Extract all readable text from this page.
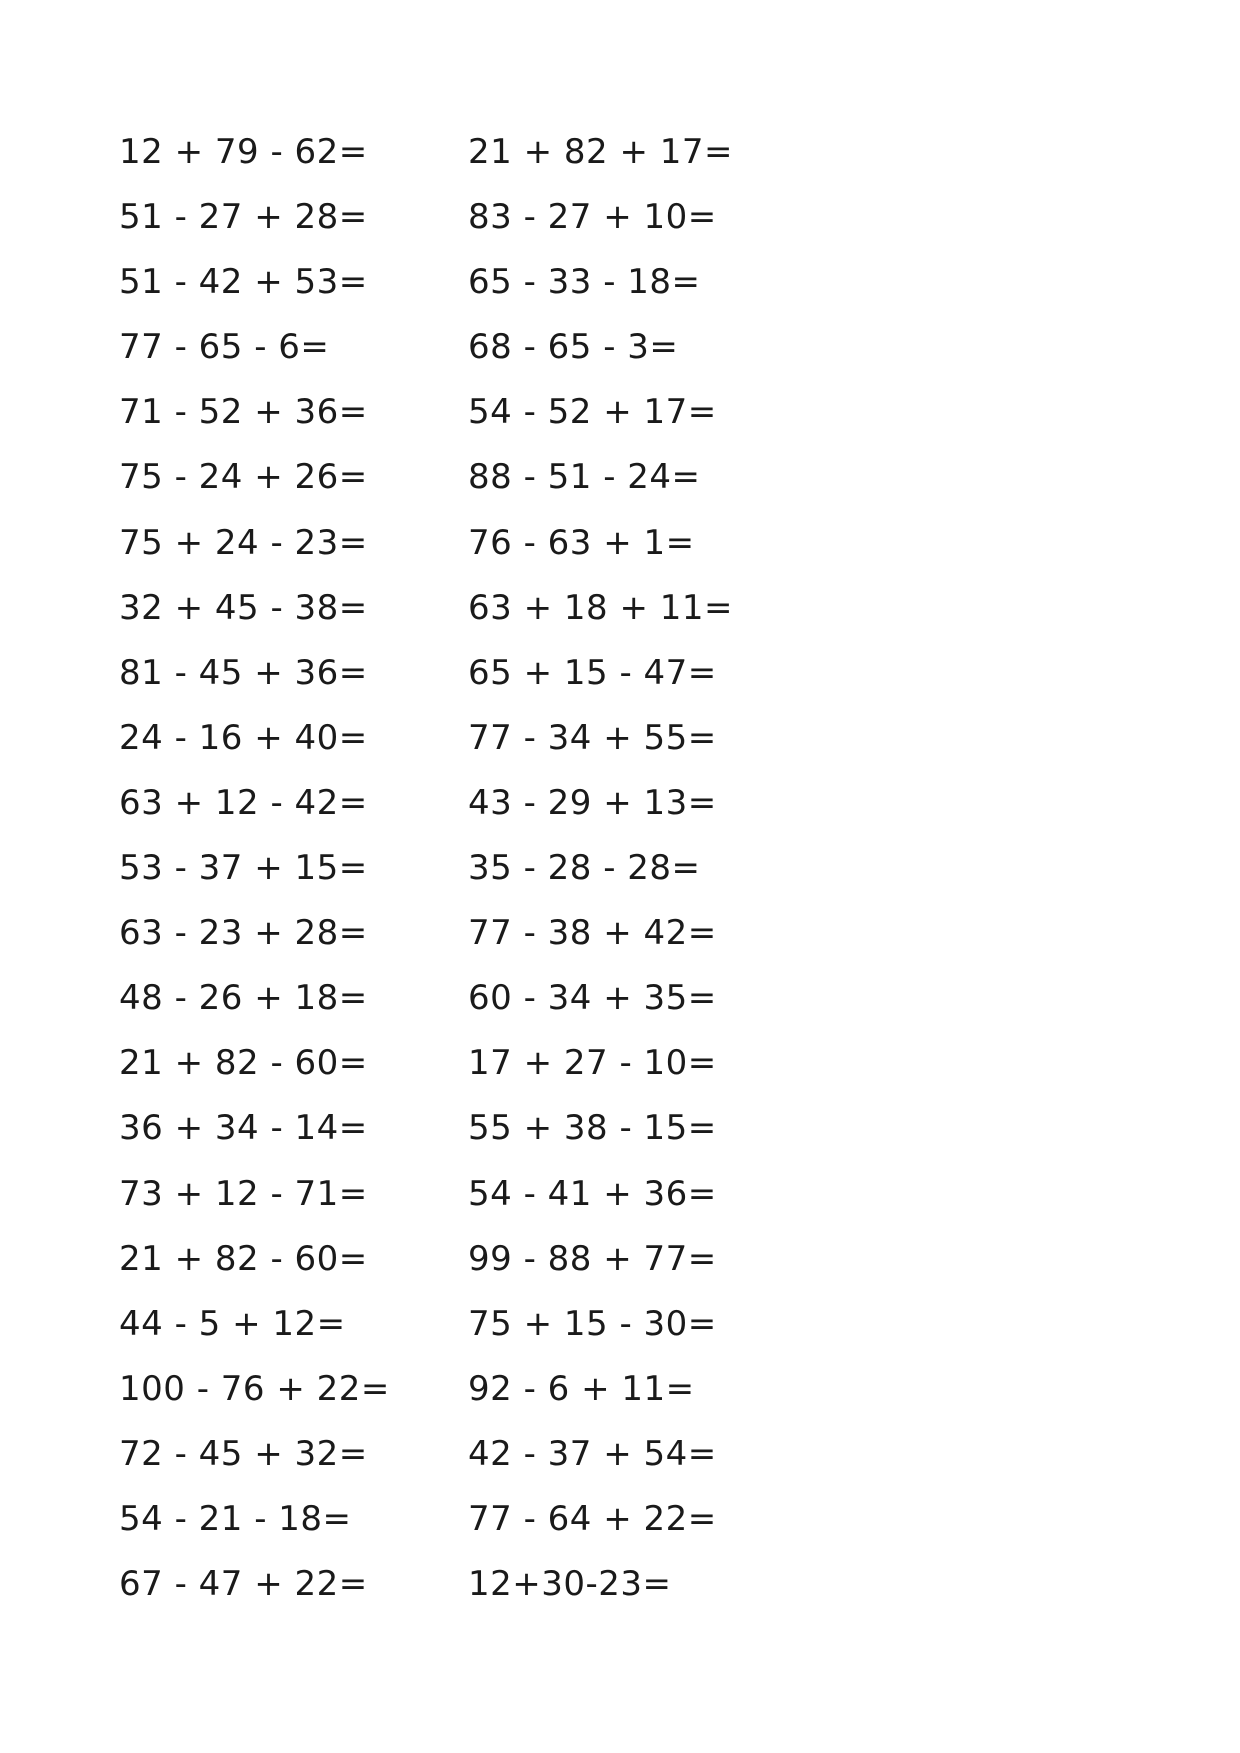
12 + 79 - 62=
51 - 27 + 28=
51 - 42 + 53=
77 - 65 - 6=
71 - 52 + 36=
75 - 24 + 26=
75 + 24 - 23=
32 + 45 - 38=
81 - 45 + 36=
24 - 16 + 40=
63 + 12 - 42=
53 - 37 + 15=
63 - 23 + 28=
48 - 26 + 18=
21 + 82 - 60=
36 + 34 - 14=
73 + 12 - 71=
21 + 82 - 60=
44 - 5 + 12=
100 - 76 + 22=
72 - 45 + 32=
54 - 21 - 18=
67 - 47 + 22=
21 + 82 + 17=
83 - 27 + 10=
65 - 33 - 18=
68 - 65 - 3=
54 - 52 + 17=
88 - 51 - 24=
76 - 63 + 1=
63 + 18 + 11=
65 + 15 - 47=
77 - 34 + 55=
43 - 29 + 13=
35 - 28 - 28=
77 - 38 + 42=
60 - 34 + 35=
17 + 27 - 10=
55 + 38 - 15=
54 - 41 + 36=
99 - 88 + 77=
75 + 15 - 30=
92 - 6 + 11=
42 - 37 + 54=
77 - 64 + 22=
12+30-23=
